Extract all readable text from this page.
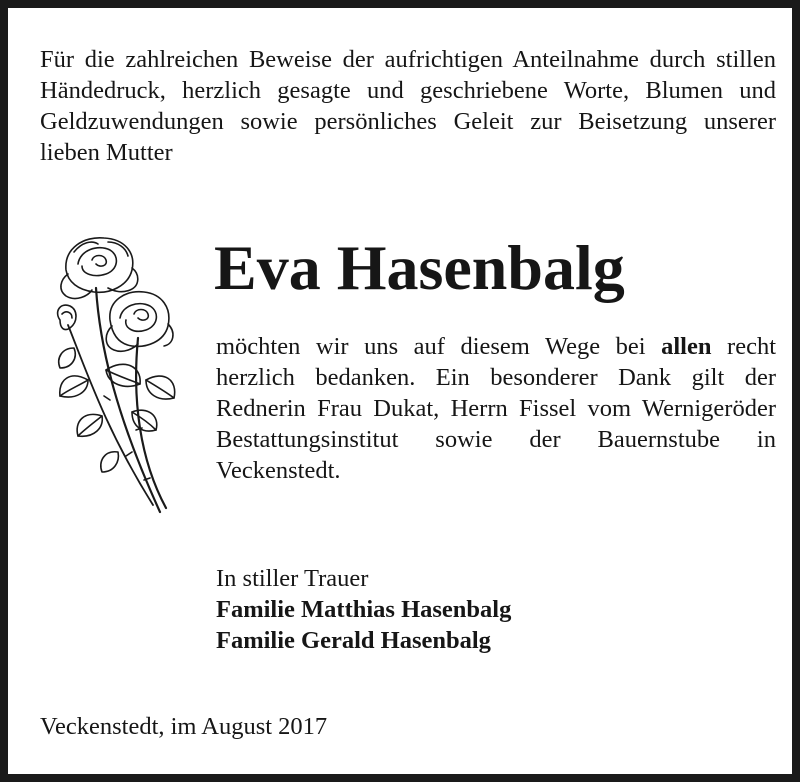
Für die zahlreichen Beweise der aufrichtigen Anteilnahme durch stillen Händedruck, herzlich gesagte und geschriebene Worte, Blumen und Geldzuwendungen sowie persönliches Geleit zur Beisetzung unserer lieben Mutter
Eva Hasenbalg
möchten wir uns auf diesem Wege bei allen recht herzlich bedanken. Ein besonderer Dank gilt der Rednerin Frau Dukat, Herrn Fissel vom Wernigeröder Bestattungsinstitut sowie der Bauernstube in Veckenstedt.
In stiller Trauer
Familie Matthias Hasenbalg
Familie Gerald Hasenbalg
Veckenstedt, im August 2017
